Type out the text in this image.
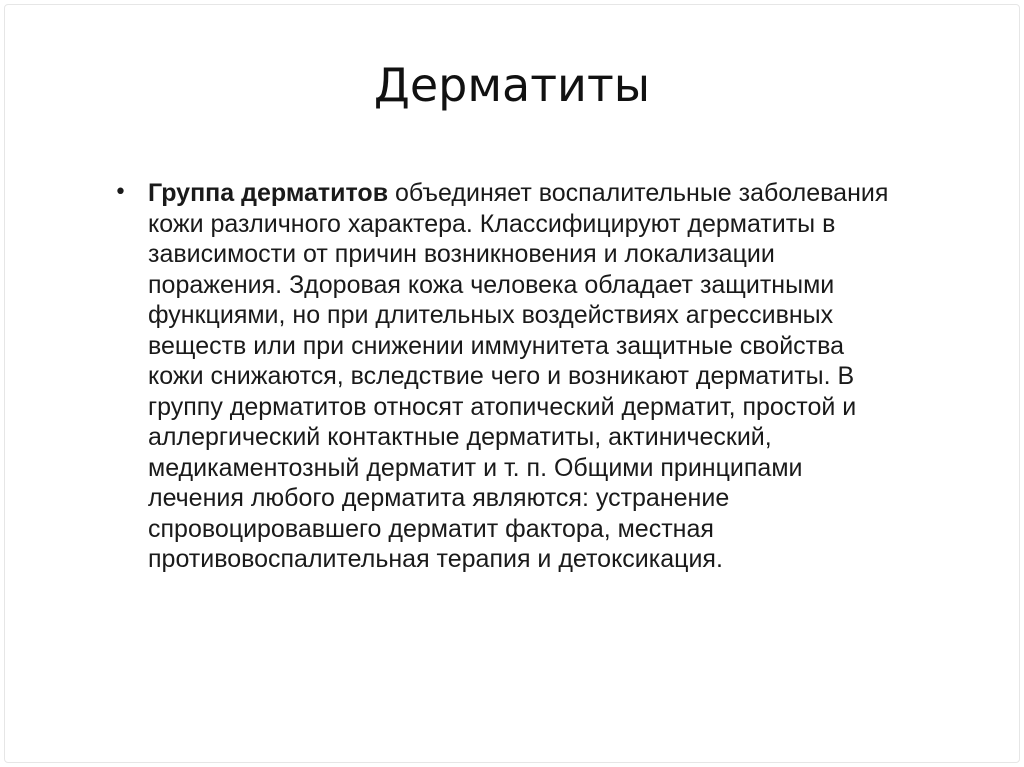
Дерматиты
• Группа дерматитов объединяет воспалительные заболевания
кожи различного характера. Классифицируют дерматиты в
зависимости от причин возникновения и локализации
поражения. Здоровая кожа человека обладает защитными
функциями, но при длительных воздействиях агрессивных
веществ или при снижении иммунитета защитные свойства
кожи снижаются, вследствие чего и возникают дерматиты. В
группу дерматитов относят атопический дерматит, простой и
аллергический контактные дерматиты, актинический,
медикаментозный дерматит и т. п. Общими принципами
лечения любого дерматита являются: устранение
спровоцировавшего дерматит фактора, местная
противовоспалительная терапия и детоксикация.
